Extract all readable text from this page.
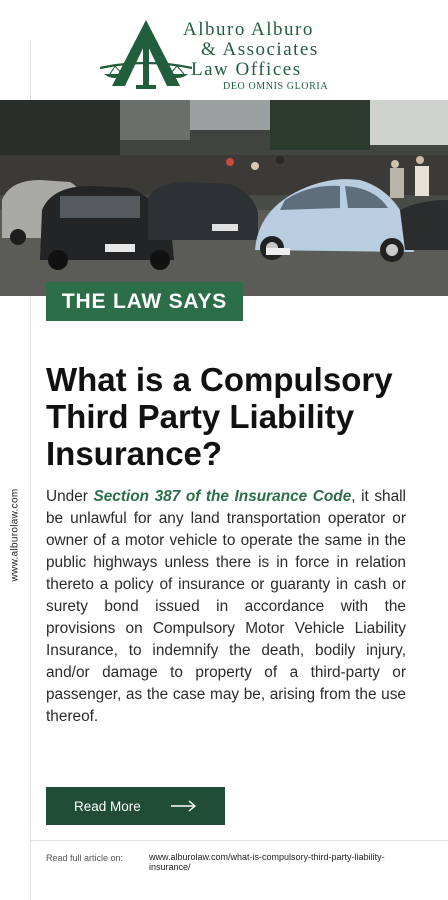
www.alburolaw.com
Alburo Alburo
& Associates
Law Offices
DEO OMNIS GLORIA
THE LAW SAYS
What is a Compulsory Third Party Liability Insurance?

Under Section 387 of the Insurance Code, it shall be unlawful for any land transportation operator or owner of a motor vehicle to operate the same in the public highways unless there is in force in relation thereto a policy of insurance or guaranty in cash or surety bond issued in accordance with the provisions on Compulsory Motor Vehicle Liability Insurance, to indemnify the death, bodily injury, and/or damage to property of a third-party or passenger, as the case may be, arising from the use thereof.

Read More
Read full article on:	www.alburolaw.com/what-is-compulsory-third-party-liability-insurance/
